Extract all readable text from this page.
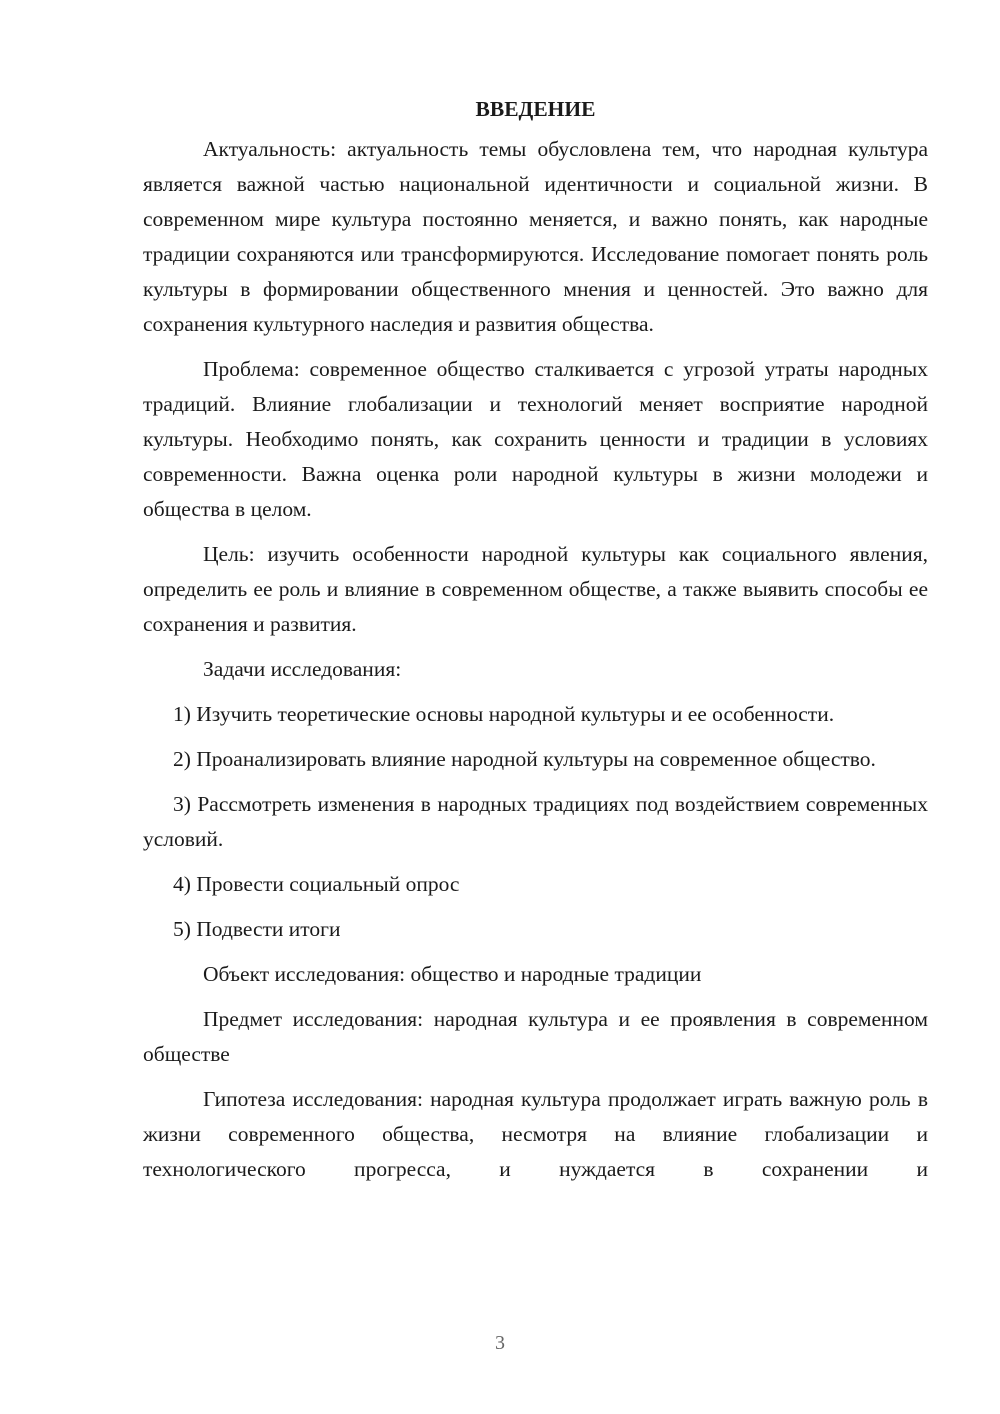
ВВЕДЕНИЕ

Актуальность: актуальность темы обусловлена тем, что народная культура является важной частью национальной идентичности и социальной жизни. В современном мире культура постоянно меняется, и важно понять, как народные традиции сохраняются или трансформируются. Исследование помогает понять роль культуры в формировании общественного мнения и ценностей. Это важно для сохранения культурного наследия и развития общества.

Проблема: современное общество сталкивается с угрозой утраты народных традиций. Влияние глобализации и технологий меняет восприятие народной культуры. Необходимо понять, как сохранить ценности и традиции в условиях современности. Важна оценка роли народной культуры в жизни молодежи и общества в целом.

Цель: изучить особенности народной культуры как социального явления, определить ее роль и влияние в современном обществе, а также выявить способы ее сохранения и развития.

Задачи исследования:

1) Изучить теоретические основы народной культуры и ее особенности.

2) Проанализировать влияние народной культуры на современное общество.

3) Рассмотреть изменения в народных традициях под воздействием современных условий.

4) Провести социальный опрос

5) Подвести итоги

Объект исследования: общество и народные традиции

Предмет исследования: народная культура и ее проявления в современном обществе

Гипотеза исследования: народная культура продолжает играть важную роль в жизни современного общества, несмотря на влияние глобализации и технологического прогресса, и нуждается в сохранении и

3
